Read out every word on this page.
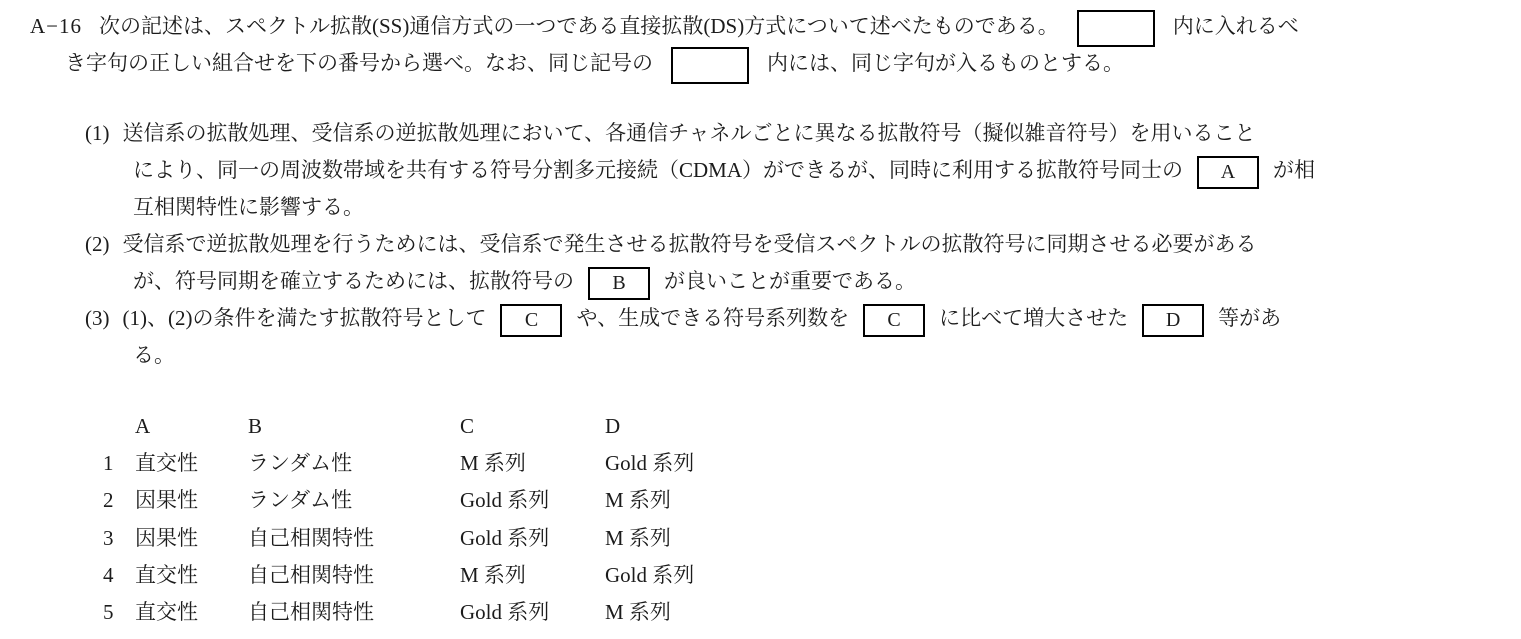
A−16 次の記述は、スペクトル拡散(SS)通信方式の一つである直接拡散(DS)方式について述べたものである。	内に入れるべ
き字句の正しい組合せを下の番号から選べ。なお、同じ記号の	内には、同じ字句が入るものとする。
(1) 送信系の拡散処理、受信系の逆拡散処理において、各通信チャネルごとに異なる拡散符号（擬似雑音符号）を用いること
により、同一の周波数帯域を共有する符号分割多元接続（CDMA）ができるが、同時に利用する拡散符号同士の A が相
互相関特性に影響する。
(2) 受信系で逆拡散処理を行うためには、受信系で発生させる拡散符号を受信スペクトルの拡散符号に同期させる必要がある
が、符号同期を確立するためには、拡散符号の B が良いことが重要である。
(3) (1)、(2)の条件を満たす拡散符号として C や、生成できる符号系列数を C に比べて増大させた D 等があ
る。
A	B	C	D
1 直交性 ランダム性	M 系列	Gold 系列
2 因果性 ランダム性	Gold 系列	M 系列
3 因果性 自己相関特性	Gold 系列	M 系列
4 直交性 自己相関特性	M 系列	Gold 系列
5 直交性 自己相関特性	Gold 系列	M 系列
